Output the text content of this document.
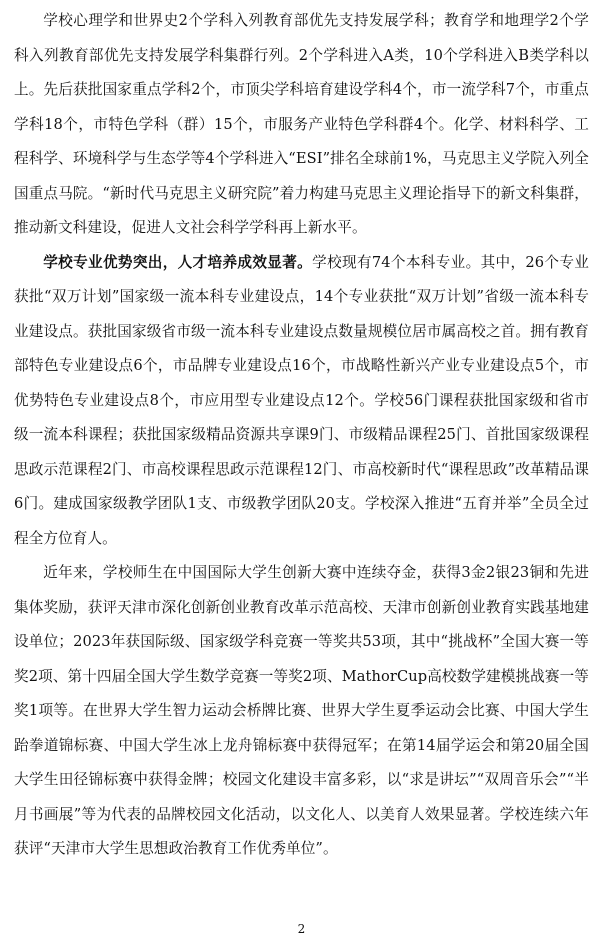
学校心理学和世界史2个学科入列教育部优先支持发展学科；教育学和地理学2个学科入列教育部优先支持发展学科集群行列。2个学科进入A类，10个学科进入B类学科以上。先后获批国家重点学科2个，市顶尖学科培育建设学科4个，市一流学科7个，市重点学科18个，市特色学科（群）15个，市服务产业特色学科群4个。化学、材料科学、工程科学、环境科学与生态学等4个学科进入“ESI”排名全球前1%，马克思主义学院入列全国重点马院。“新时代马克思主义研究院”着力构建马克思主义理论指导下的新文科集群，推动新文科建设，促进人文社会科学学科再上新水平。

学校专业优势突出，人才培养成效显著。学校现有74个本科专业。其中，26个专业获批“双万计划”国家级一流本科专业建设点，14个专业获批“双万计划”省级一流本科专业建设点。获批国家级省市级一流本科专业建设点数量规模位居市属高校之首。拥有教育部特色专业建设点6个，市品牌专业建设点16个，市战略性新兴产业专业建设点5个，市优势特色专业建设点8个，市应用型专业建设点12个。学校56门课程获批国家级和省市级一流本科课程；获批国家级精品资源共享课9门、市级精品课程25门、首批国家级课程思政示范课程2门、市高校课程思政示范课程12门、市高校新时代“课程思政”改革精品课6门。建成国家级教学团队1支、市级教学团队20支。学校深入推进“五育并举”全员全过程全方位育人。

近年来，学校师生在中国国际大学生创新大赛中连续夺金，获得3金2银23铜和先进集体奖励，获评天津市深化创新创业教育改革示范高校、天津市创新创业教育实践基地建设单位；2023年获国际级、国家级学科竞赛一等奖共53项，其中“挑战杯”全国大赛一等奖2项、第十四届全国大学生数学竞赛一等奖2项、MathorCup高校数学建模挑战赛一等奖1项等。在世界大学生智力运动会桥牌比赛、世界大学生夏季运动会比赛、中国大学生跆拳道锦标赛、中国大学生冰上龙舟锦标赛中获得冠军；在第14届学运会和第20届全国大学生田径锦标赛中获得金牌；校园文化建设丰富多彩，以“求是讲坛”“双周音乐会”“半月书画展”等为代表的品牌校园文化活动，以文化人、以美育人效果显著。学校连续六年获评“天津市大学生思想政治教育工作优秀单位”。

2
